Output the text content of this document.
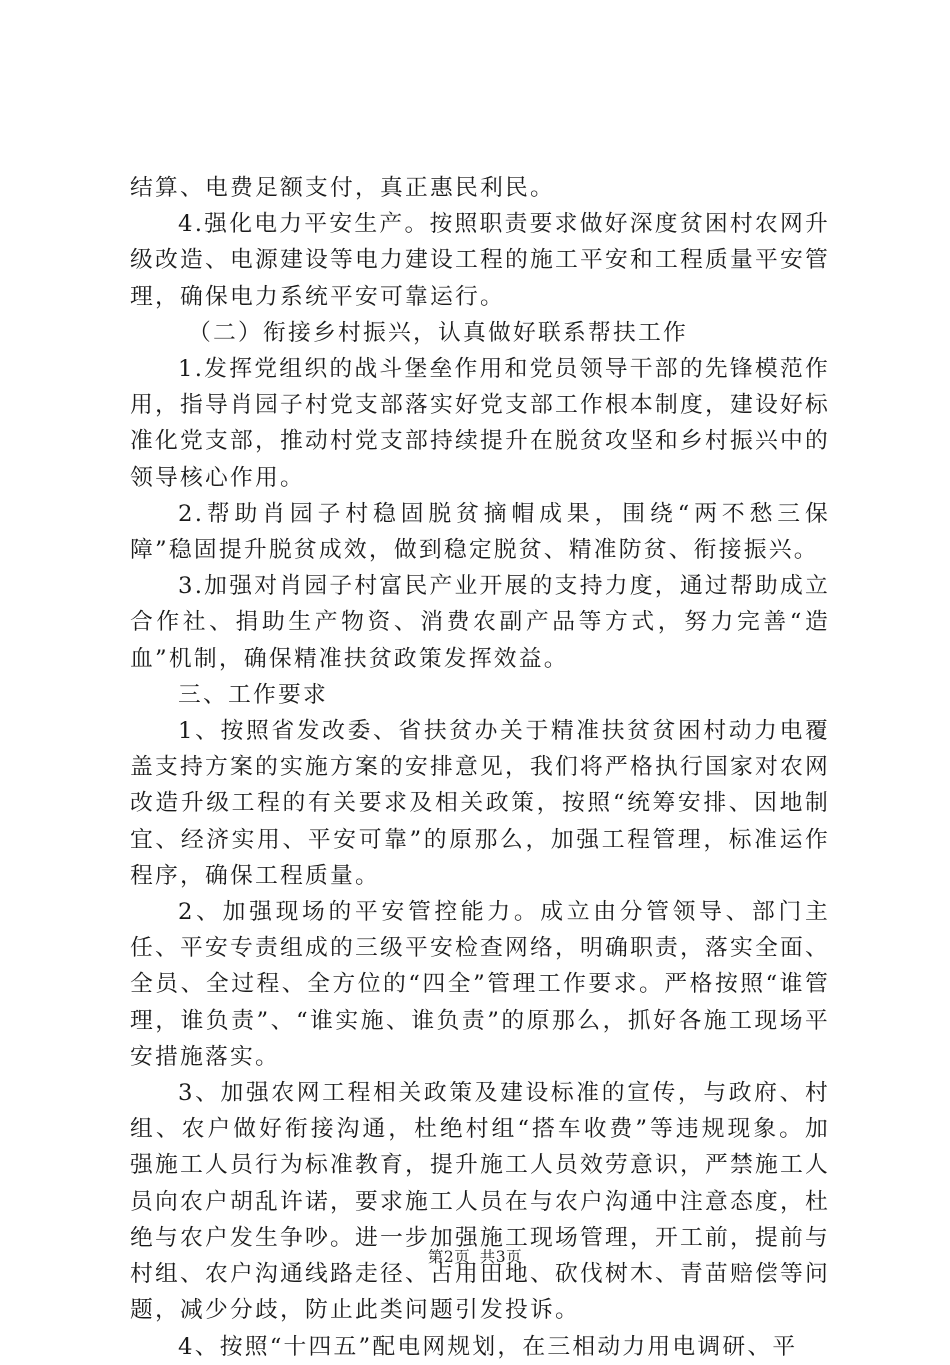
结算、电费足额支付，真正惠民利民。

4.强化电力平安生产。按照职责要求做好深度贫困村农网升级改造、电源建设等电力建设工程的施工平安和工程质量平安管理，确保电力系统平安可靠运行。

（二）衔接乡村振兴，认真做好联系帮扶工作

1.发挥党组织的战斗堡垒作用和党员领导干部的先锋模范作用，指导肖园子村党支部落实好党支部工作根本制度，建设好标准化党支部，推动村党支部持续提升在脱贫攻坚和乡村振兴中的领导核心作用。

2.帮助肖园子村稳固脱贫摘帽成果，围绕“两不愁三保障”稳固提升脱贫成效，做到稳定脱贫、精准防贫、衔接振兴。

3.加强对肖园子村富民产业开展的支持力度，通过帮助成立合作社、捐助生产物资、消费农副产品等方式，努力完善“造血”机制，确保精准扶贫政策发挥效益。

三、工作要求

1、按照省发改委、省扶贫办关于精准扶贫贫困村动力电覆盖支持方案的实施方案的安排意见，我们将严格执行国家对农网改造升级工程的有关要求及相关政策，按照“统筹安排、因地制宜、经济实用、平安可靠”的原那么，加强工程管理，标准运作程序，确保工程质量。

2、加强现场的平安管控能力。成立由分管领导、部门主任、平安专责组成的三级平安检查网络，明确职责，落实全面、全员、全过程、全方位的“四全”管理工作要求。严格按照“谁管理，谁负责”、“谁实施、谁负责”的原那么，抓好各施工现场平安措施落实。

3、加强农网工程相关政策及建设标准的宣传，与政府、村组、农户做好衔接沟通，杜绝村组“搭车收费”等违规现象。加强施工人员行为标准教育，提升施工人员效劳意识，严禁施工人员向农户胡乱许诺，要求施工人员在与农户沟通中注意态度，杜绝与农户发生争吵。进一步加强施工现场管理，开工前，提前与村组、农户沟通线路走径、占用田地、砍伐树木、青苗赔偿等问题，减少分歧，防止此类问题引发投诉。

4、按照“十四五”配电网规划，在三相动力用电调研、平

第2页 共3页
